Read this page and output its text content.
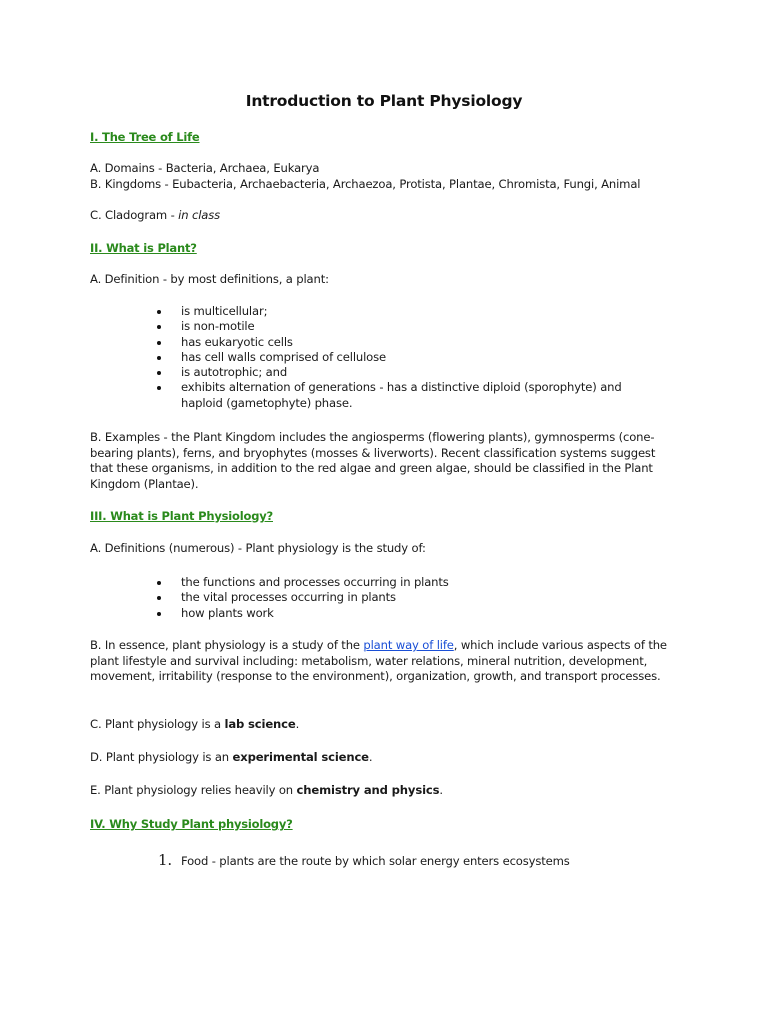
Introduction to Plant Physiology
I. The Tree of Life
A. Domains - Bacteria, Archaea, Eukarya
B. Kingdoms - Eubacteria, Archaebacteria, Archaezoa, Protista, Plantae, Chromista, Fungi, Animal
C. Cladogram - in class
II. What is Plant?
A. Definition - by most definitions, a plant:
is multicellular;
is non-motile
has eukaryotic cells
has cell walls comprised of cellulose
is autotrophic; and
exhibits alternation of generations - has a distinctive diploid (sporophyte) and haploid (gametophyte) phase.
B. Examples - the Plant Kingdom includes the angiosperms (flowering plants), gymnosperms (cone-bearing plants), ferns, and bryophytes (mosses & liverworts). Recent classification systems suggest that these organisms, in addition to the red algae and green algae, should be classified in the Plant Kingdom (Plantae).
III. What is Plant Physiology?
A. Definitions (numerous) - Plant physiology is the study of:
the functions and processes occurring in plants
the vital processes occurring in plants
how plants work
B. In essence, plant physiology is a study of the plant way of life, which include various aspects of the plant lifestyle and survival including: metabolism, water relations, mineral nutrition, development, movement, irritability (response to the environment), organization, growth, and transport processes.
C. Plant physiology is a lab science.
D. Plant physiology is an experimental science.
E. Plant physiology relies heavily on chemistry and physics.
IV. Why Study Plant physiology?
1. Food - plants are the route by which solar energy enters ecosystems
